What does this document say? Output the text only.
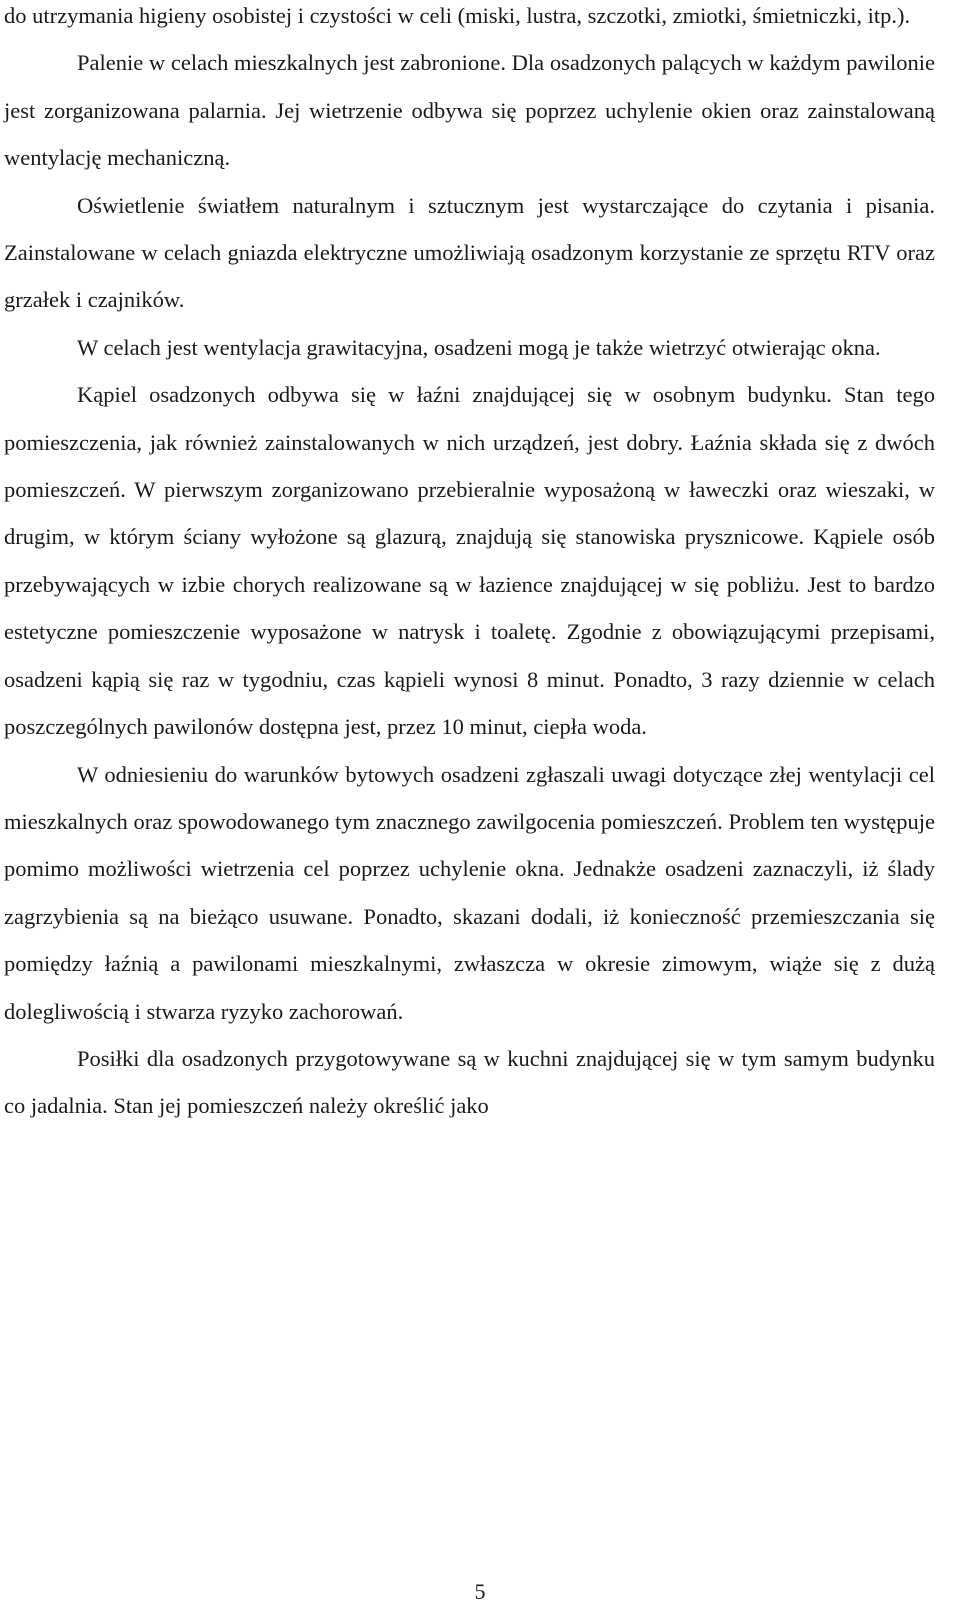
do utrzymania higieny osobistej i czystości w celi (miski, lustra, szczotki, zmiotki, śmietniczki, itp.).

Palenie w celach mieszkalnych jest zabronione. Dla osadzonych palących w każdym pawilonie jest zorganizowana palarnia. Jej wietrzenie odbywa się poprzez uchylenie okien oraz zainstalowaną wentylację mechaniczną.

Oświetlenie światłem naturalnym i sztucznym jest wystarczające do czytania i pisania. Zainstalowane w celach gniazda elektryczne umożliwiają osadzonym korzystanie ze sprzętu RTV oraz grzałek i czajników.

W celach jest wentylacja grawitacyjna, osadzeni mogą je także wietrzyć otwierając okna.

Kąpiel osadzonych odbywa się w łaźni znajdującej się w osobnym budynku. Stan tego pomieszczenia, jak również zainstalowanych w nich urządzeń, jest dobry. Łaźnia składa się z dwóch pomieszczeń. W pierwszym zorganizowano przebieralnie wyposażoną w ławeczki oraz wieszaki, w drugim, w którym ściany wyłożone są glazurą, znajdują się stanowiska prysznicowe. Kąpiele osób przebywających w izbie chorych realizowane są w łazience znajdującej w się pobliżu. Jest to bardzo estetyczne pomieszczenie wyposażone w natrysk i toaletę. Zgodnie z obowiązującymi przepisami, osadzeni kąpią się raz w tygodniu, czas kąpieli wynosi 8 minut. Ponadto, 3 razy dziennie w celach poszczególnych pawilonów dostępna jest, przez 10 minut, ciepła woda.

W odniesieniu do warunków bytowych osadzeni zgłaszali uwagi dotyczące złej wentylacji cel mieszkalnych oraz spowodowanego tym znacznego zawilgocenia pomieszczeń. Problem ten występuje pomimo możliwości wietrzenia cel poprzez uchylenie okna. Jednakże osadzeni zaznaczyli, iż ślady zagrzybienia są na bieżąco usuwane. Ponadto, skazani dodali, iż konieczność przemieszczania się pomiędzy łaźnią a pawilonami mieszkalnymi, zwłaszcza w okresie zimowym, wiąże się z dużą dolegliwością i stwarza ryzyko zachorowań.

Posiłki dla osadzonych przygotowywane są w kuchni znajdującej się w tym samym budynku co jadalnia. Stan jej pomieszczeń należy określić jako

5
